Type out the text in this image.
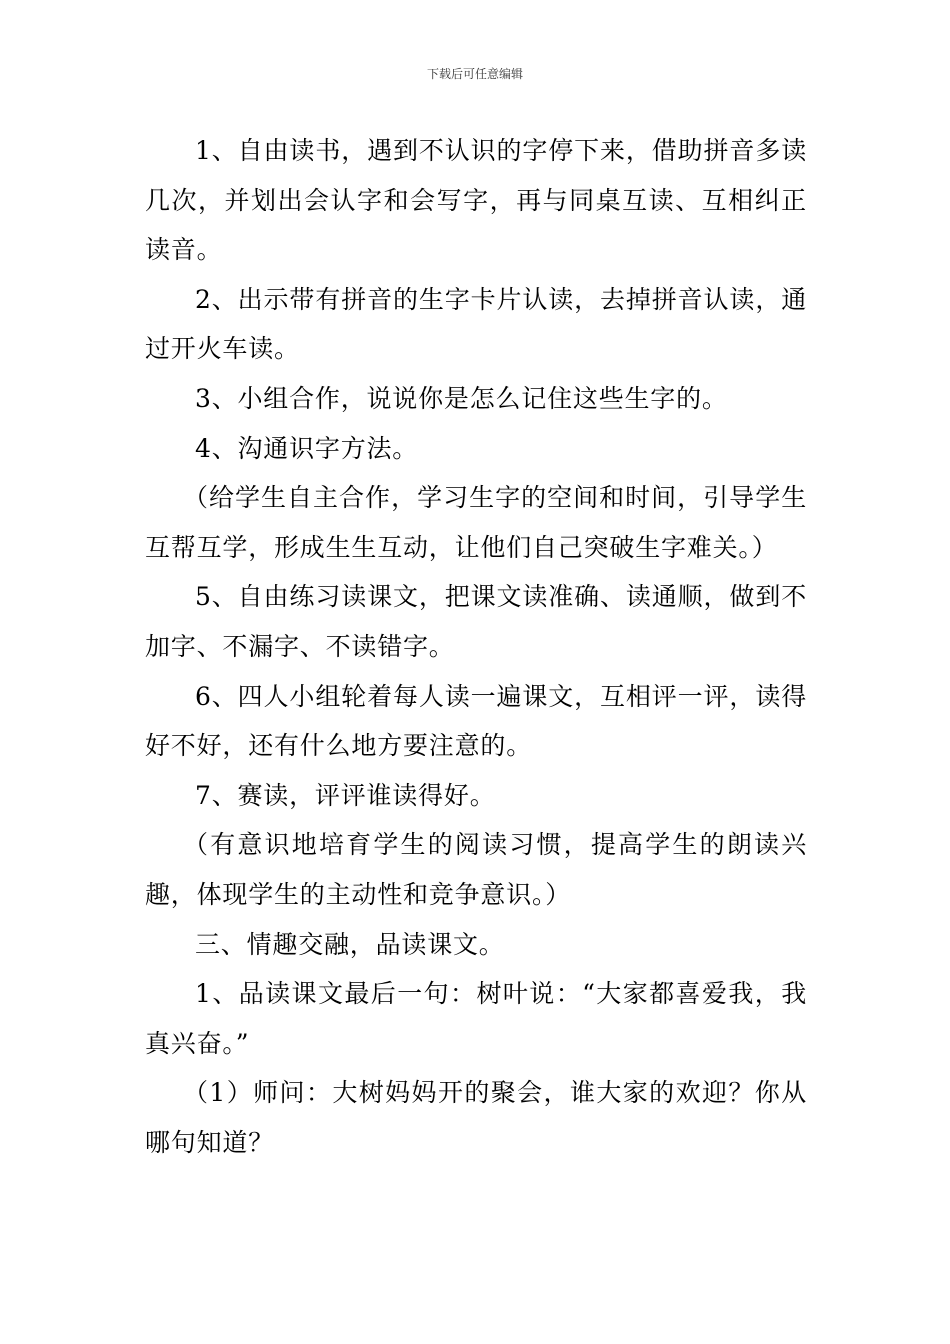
下载后可任意编辑

1、自由读书，遇到不认识的字停下来，借助拼音多读几次，并划出会认字和会写字，再与同桌互读、互相纠正读音。

2、出示带有拼音的生字卡片认读，去掉拼音认读，通过开火车读。

3、小组合作，说说你是怎么记住这些生字的。

4、沟通识字方法。

（给学生自主合作，学习生字的空间和时间，引导学生互帮互学，形成生生互动，让他们自己突破生字难关。）

5、自由练习读课文，把课文读准确、读通顺，做到不加字、不漏字、不读错字。

6、四人小组轮着每人读一遍课文，互相评一评，读得好不好，还有什么地方要注意的。

7、赛读，评评谁读得好。

（有意识地培育学生的阅读习惯，提高学生的朗读兴趣，体现学生的主动性和竞争意识。）

三、情趣交融，品读课文。

1、品读课文最后一句：树叶说：“大家都喜爱我，我真兴奋。”

（1）师问：大树妈妈开的聚会，谁大家的欢迎？你从哪句知道？
